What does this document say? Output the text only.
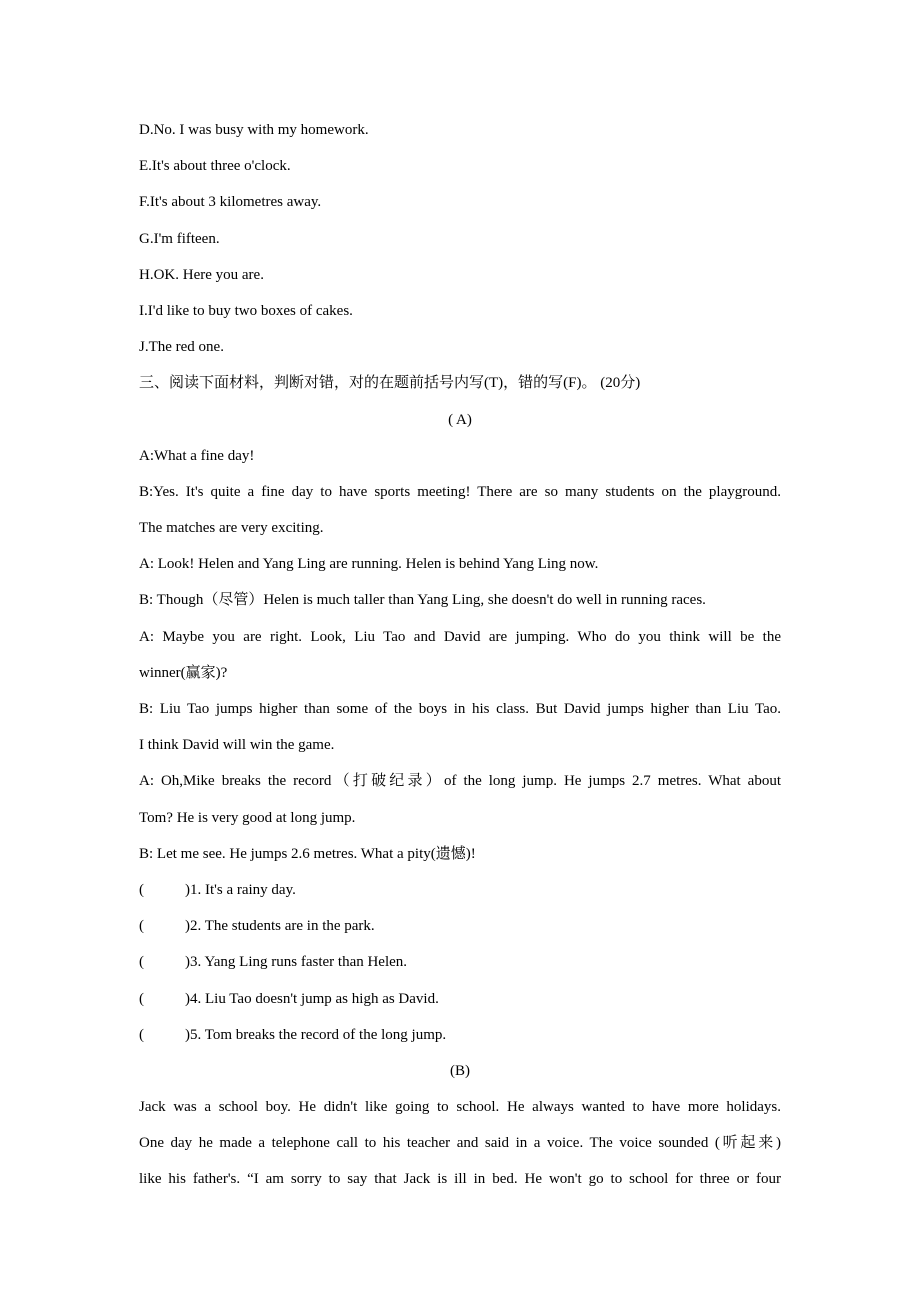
D.No. I was busy with my homework.
E.It's about three o'clock.
F.It's about 3 kilometres away.
G.I'm fifteen.
H.OK. Here you are.
I.I'd like to buy two boxes of cakes.
J.The red one.
三、阅读下面材料，判断对错，对的在题前括号内写(T)，错的写(F)。 (20分)
( A)
A:What a fine day!
B:Yes. It's quite a fine day to have sports meeting! There are so many students on the playground.
The matches are very exciting.
A: Look! Helen and Yang Ling are running. Helen is behind Yang Ling now.
B: Though（尽管）Helen is much taller than Yang Ling, she doesn't do well in running races.
A: Maybe you are right. Look, Liu Tao and David are jumping. Who do you think will be the
winner(赢家)?
B: Liu Tao jumps higher than some of the boys in his class. But David jumps higher than Liu Tao.
I think David will win the game.
A: Oh,Mike breaks the record（打破纪录）of the long jump. He jumps 2.7 metres. What about
Tom? He is very good at long jump.
B: Let me see. He jumps 2.6 metres. What a pity(遗憾)!
(	)1. It's a rainy day.
(	)2. The students are in the park.
(	)3. Yang Ling runs faster than Helen.
(	)4. Liu Tao doesn't jump as high as David.
(	)5. Tom breaks the record of the long jump.
(B)
Jack was a school boy. He didn't like going to school. He always wanted to have more holidays.
One day he made a telephone call to his teacher and said in a voice. The voice sounded (听起来)
like his father's. “I am sorry to say that Jack is ill in bed. He won't go to school for three or four
